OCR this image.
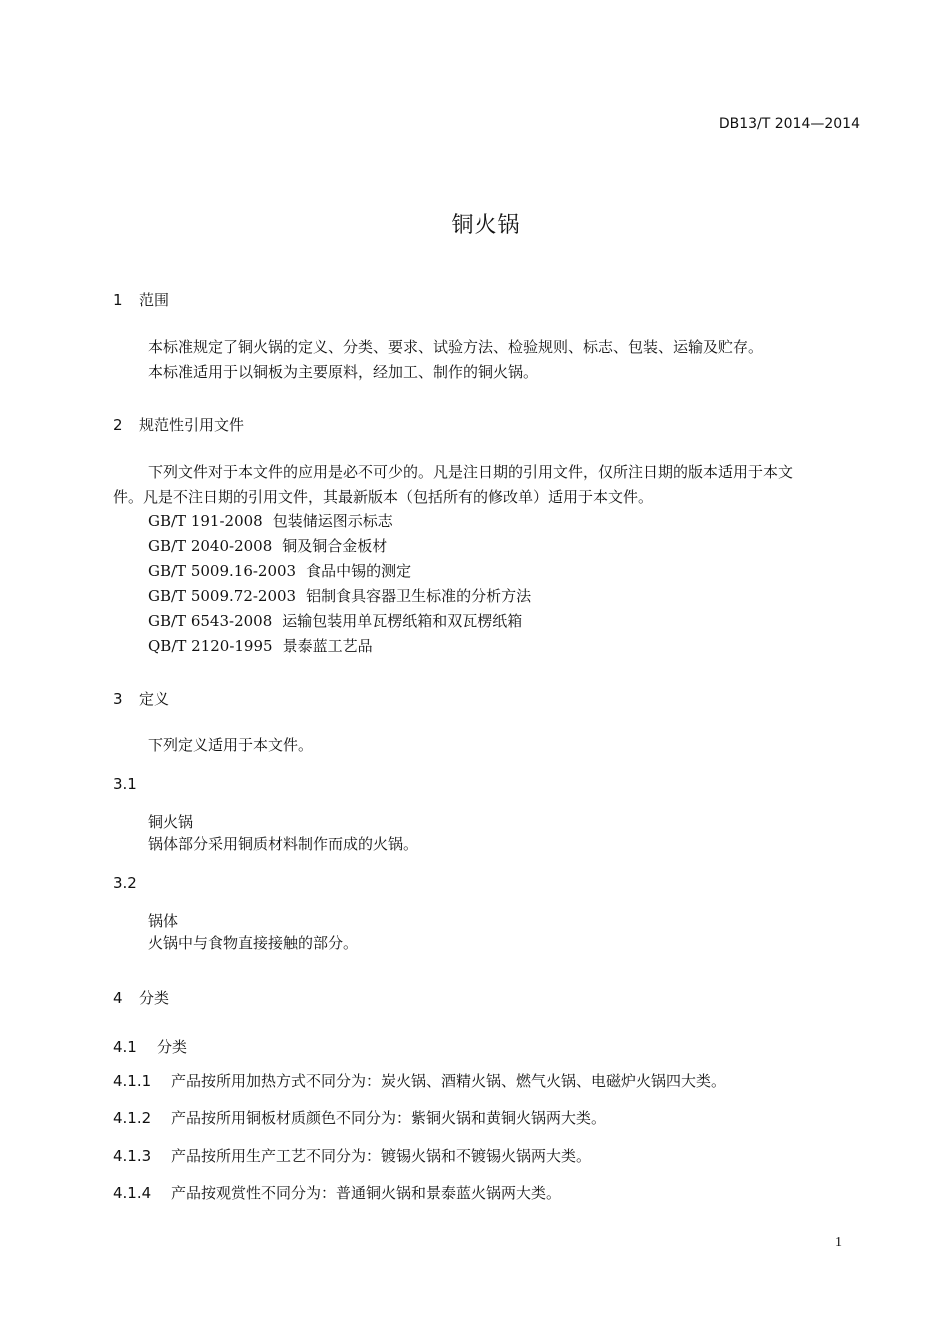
DB13/T 2014—2014
铜火锅
1 范围
本标准规定了铜火锅的定义、分类、要求、试验方法、检验规则、标志、包装、运输及贮存。
本标准适用于以铜板为主要原料，经加工、制作的铜火锅。
2 规范性引用文件
下列文件对于本文件的应用是必不可少的。凡是注日期的引用文件，仅所注日期的版本适用于本文
件。凡是不注日期的引用文件，其最新版本（包括所有的修改单）适用于本文件。
GB/T 191-2008 包装储运图示标志
GB/T 2040-2008 铜及铜合金板材
GB/T 5009.16-2003 食品中锡的测定
GB/T 5009.72-2003 铝制食具容器卫生标准的分析方法
GB/T 6543-2008 运输包装用单瓦楞纸箱和双瓦楞纸箱
QB/T 2120-1995 景泰蓝工艺品
3 定义
下列定义适用于本文件。
3.1
铜火锅
锅体部分采用铜质材料制作而成的火锅。
3.2
锅体
火锅中与食物直接接触的部分。
4 分类
4.1 分类
4.1.1 产品按所用加热方式不同分为：炭火锅、酒精火锅、燃气火锅、电磁炉火锅四大类。
4.1.2 产品按所用铜板材质颜色不同分为：紫铜火锅和黄铜火锅两大类。
4.1.3 产品按所用生产工艺不同分为：镀锡火锅和不镀锡火锅两大类。
4.1.4 产品按观赏性不同分为：普通铜火锅和景泰蓝火锅两大类。
1
